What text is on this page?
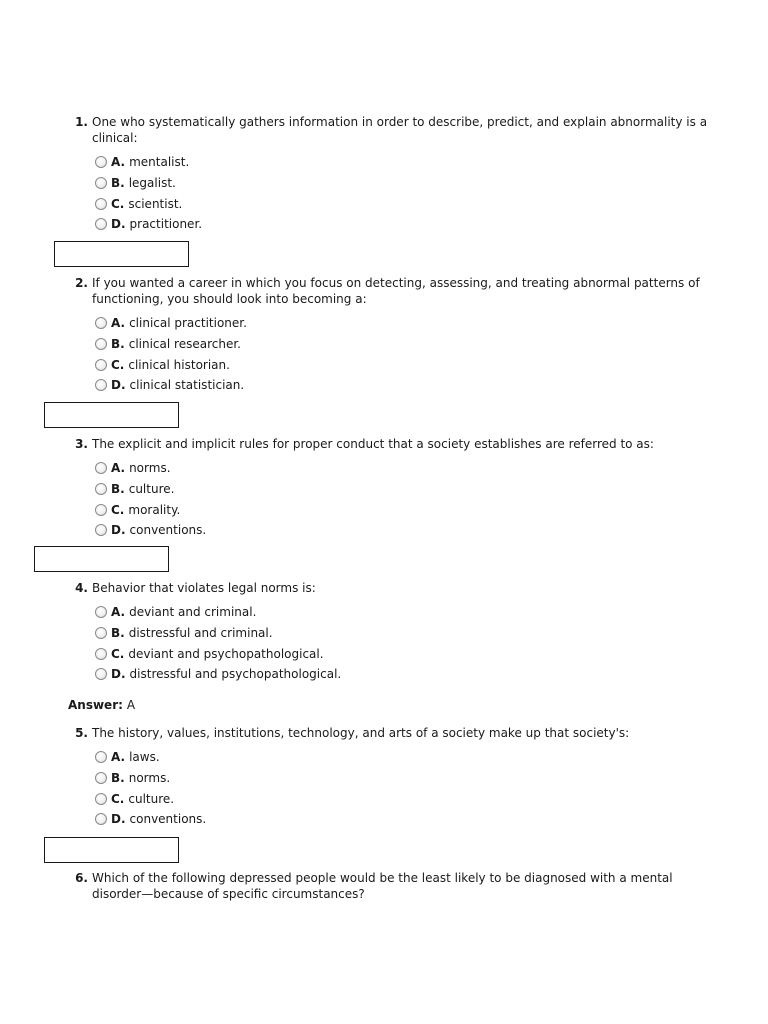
1. One who systematically gathers information in order to describe, predict, and explain abnormality is a clinical:
A. mentalist.
B. legalist.
C. scientist.
D. practitioner.
2. If you wanted a career in which you focus on detecting, assessing, and treating abnormal patterns of functioning, you should look into becoming a:
A. clinical practitioner.
B. clinical researcher.
C. clinical historian.
D. clinical statistician.
3. The explicit and implicit rules for proper conduct that a society establishes are referred to as:
A. norms.
B. culture.
C. morality.
D. conventions.
4. Behavior that violates legal norms is:
A. deviant and criminal.
B. distressful and criminal.
C. deviant and psychopathological.
D. distressful and psychopathological.
Answer: A
5. The history, values, institutions, technology, and arts of a society make up that society's:
A. laws.
B. norms.
C. culture.
D. conventions.
6. Which of the following depressed people would be the least likely to be diagnosed with a mental disorder—because of specific circumstances?
